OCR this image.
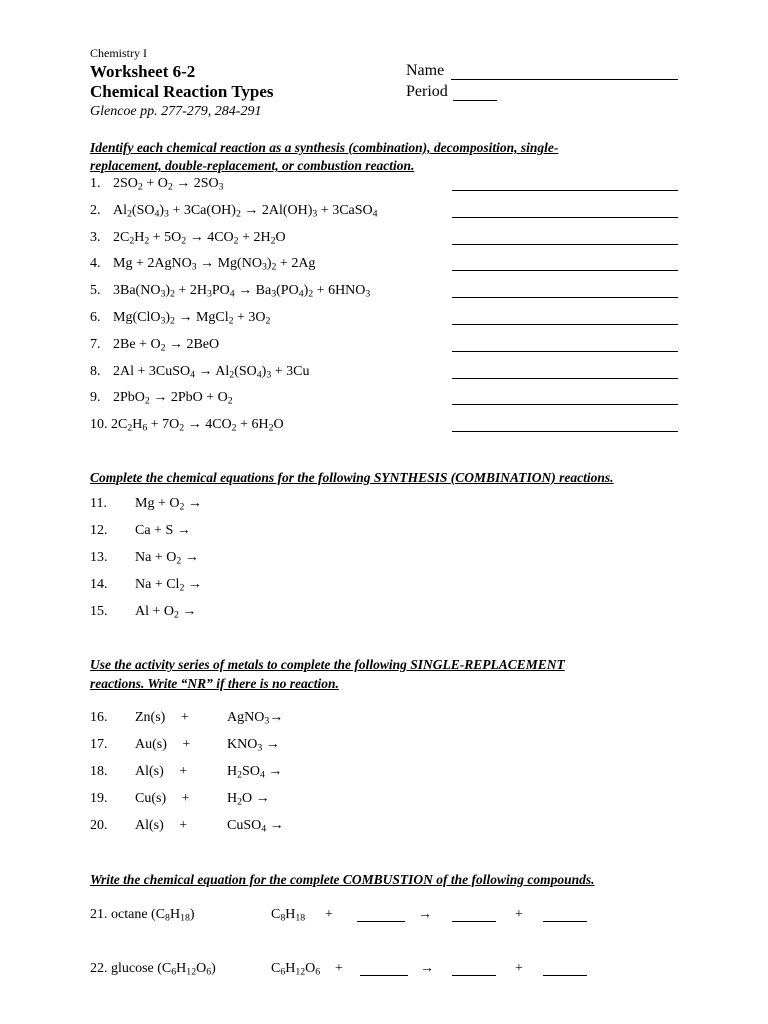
Chemistry I
Worksheet 6-2
Chemical Reaction Types
Glencoe pp. 277-279, 284-291
Name
Period
Identify each chemical reaction as a synthesis (combination), decomposition, single-
replacement, double-replacement, or combustion reaction.
1. $2SO_2 + O_2 \to 2SO_3$
2. $Al_2(SO_4)_3 + 3Ca(OH)_2 \to 2Al(OH)_3$ + 3CaSO$_4$
3. $2C_2H_2 + 5O_2 \to 4CO_2 + 2H_2O$
4. Mg + 2AgNO$_3$ → $Mg(NO_3)_2 + 2Ag$
5. $3Ba(NO_3)_2 + 2H_3PO_4 \to Ba_3(PO_4)_2 + 6HNO_3$
6. $Mg(ClO_3)_2$ → MgCl$_2$ + $3O_2$
7. $2Be + O_2 \to 2BeO$
8. 2Al + 3CuSO$_4$ → $Al_2(SO_4)_3 + 3Cu$
9. $2PbO_2 \to 2PbO + O_2$
10. $2C_2H_6 + 7O_2 \to 4CO_2 + 6H_2O$
Complete the chemical equations for the following SYNTHESIS (COMBINATION) reactions.
11. $Mg + O_2$ →
12. Ca + S →
13. $Na + O_2$ →
14. $Na + Cl_2$ →
15. $Al + O_2$ →
Use the activity series of metals to complete the following SINGLE-REPLACEMENT
reactions. Write “NR” if there is no reaction.
16. Zn(s) +	AgNO$_3$→
17. Au(s) +	$KNO_3$ →
18. Al(s) +	$H_2SO_4$ →
19. Cu(s) +	$H_2O$ →
20. Al(s) +	CuSO$_4$ →
Write the chemical equation for the complete COMBUSTION of the following compounds.
21. octane $(C_8H_{18})$	$C_8H_{18}$ +	→	+
22. glucose $(C_6H_{12}O_6)$	$C_6H_{12}O_6$ +	→	+
